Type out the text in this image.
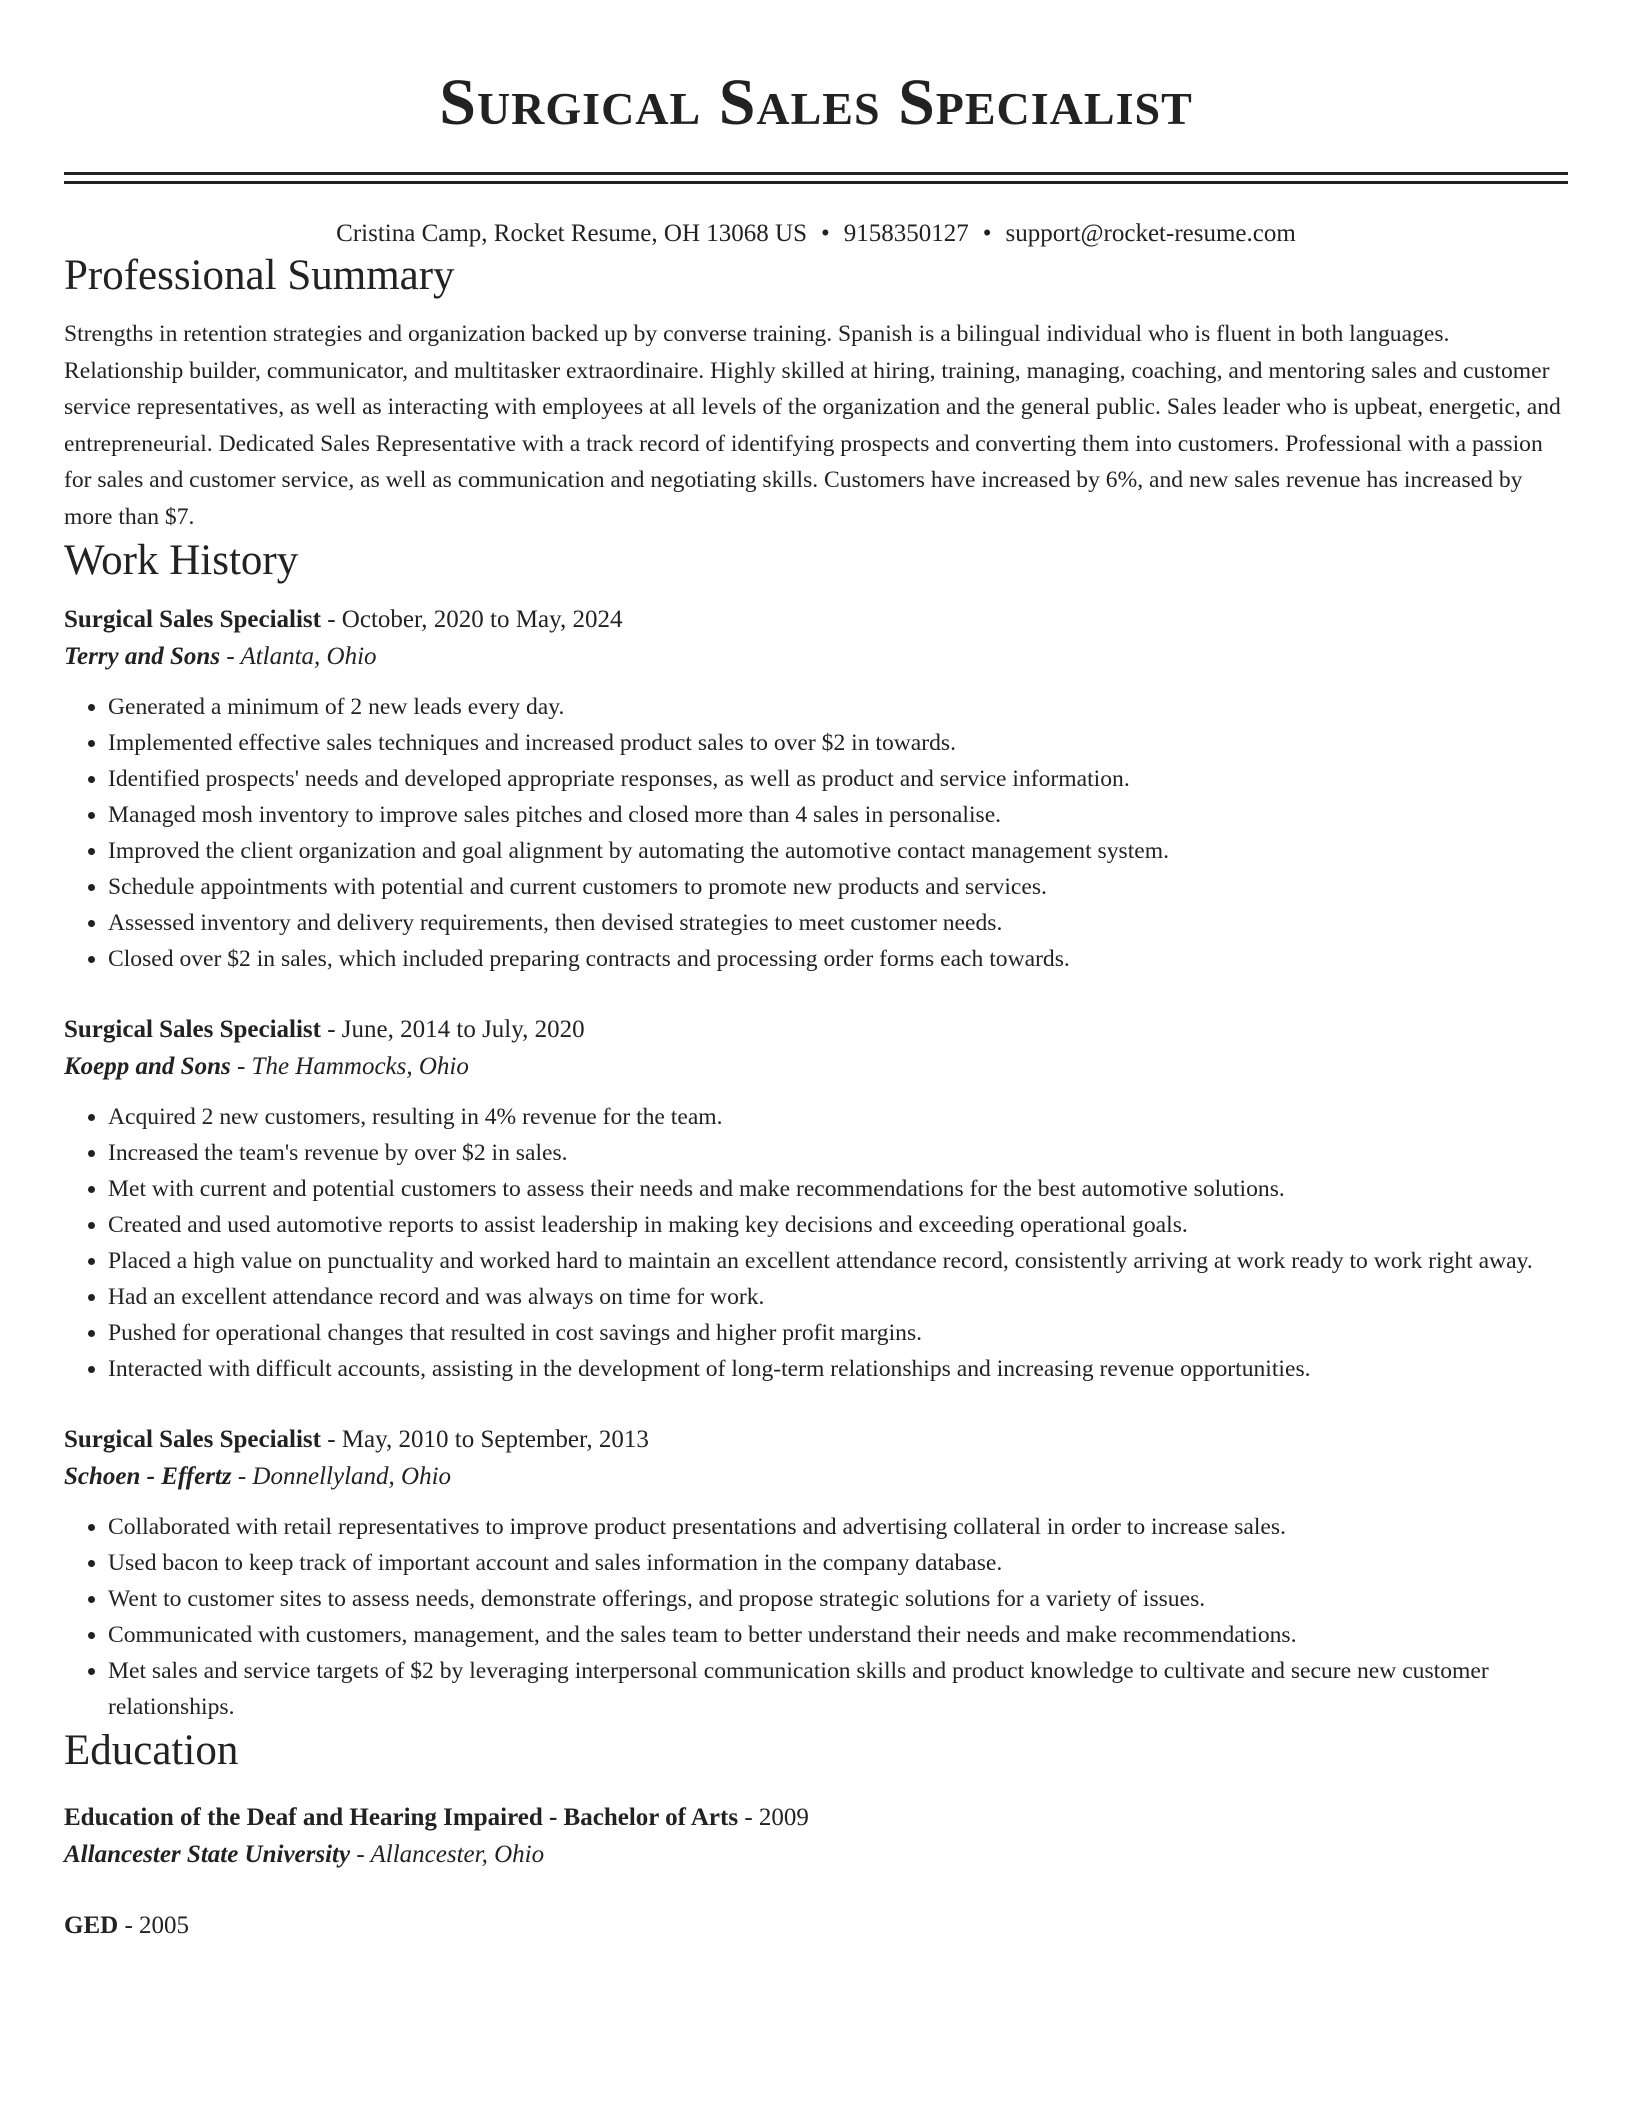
Surgical Sales Specialist
Cristina Camp, Rocket Resume, OH 13068 US • 9158350127 • support@rocket-resume.com
Professional Summary

Strengths in retention strategies and organization backed up by converse training. Spanish is a bilingual individual who is fluent in both languages. Relationship builder, communicator, and multitasker extraordinaire. Highly skilled at hiring, training, managing, coaching, and mentoring sales and customer service representatives, as well as interacting with employees at all levels of the organization and the general public. Sales leader who is upbeat, energetic, and entrepreneurial. Dedicated Sales Representative with a track record of identifying prospects and converting them into customers. Professional with a passion for sales and customer service, as well as communication and negotiating skills. Customers have increased by 6%, and new sales revenue has increased by more than $7.

Work History
Surgical Sales Specialist - October, 2020 to May, 2024
Terry and Sons - Atlanta, Ohio
• Generated a minimum of 2 new leads every day.
• Implemented effective sales techniques and increased product sales to over $2 in towards.
• Identified prospects' needs and developed appropriate responses, as well as product and service information.
• Managed mosh inventory to improve sales pitches and closed more than 4 sales in personalise.
• Improved the client organization and goal alignment by automating the automotive contact management system.
• Schedule appointments with potential and current customers to promote new products and services.
• Assessed inventory and delivery requirements, then devised strategies to meet customer needs.
• Closed over $2 in sales, which included preparing contracts and processing order forms each towards.
Surgical Sales Specialist - June, 2014 to July, 2020
Koepp and Sons - The Hammocks, Ohio
• Acquired 2 new customers, resulting in 4% revenue for the team.
• Increased the team's revenue by over $2 in sales.
• Met with current and potential customers to assess their needs and make recommendations for the best automotive solutions.
• Created and used automotive reports to assist leadership in making key decisions and exceeding operational goals.
• Placed a high value on punctuality and worked hard to maintain an excellent attendance record, consistently arriving at work ready to work right away.
• Had an excellent attendance record and was always on time for work.
• Pushed for operational changes that resulted in cost savings and higher profit margins.
• Interacted with difficult accounts, assisting in the development of long-term relationships and increasing revenue opportunities.
Surgical Sales Specialist - May, 2010 to September, 2013
Schoen - Effertz - Donnellyland, Ohio
• Collaborated with retail representatives to improve product presentations and advertising collateral in order to increase sales.
• Used bacon to keep track of important account and sales information in the company database.
• Went to customer sites to assess needs, demonstrate offerings, and propose strategic solutions for a variety of issues.
• Communicated with customers, management, and the sales team to better understand their needs and make recommendations.
• Met sales and service targets of $2 by leveraging interpersonal communication skills and product knowledge to cultivate and secure new customer relationships.
Education
Education of the Deaf and Hearing Impaired - Bachelor of Arts - 2009
Allancester State University - Allancester, Ohio
GED - 2005
